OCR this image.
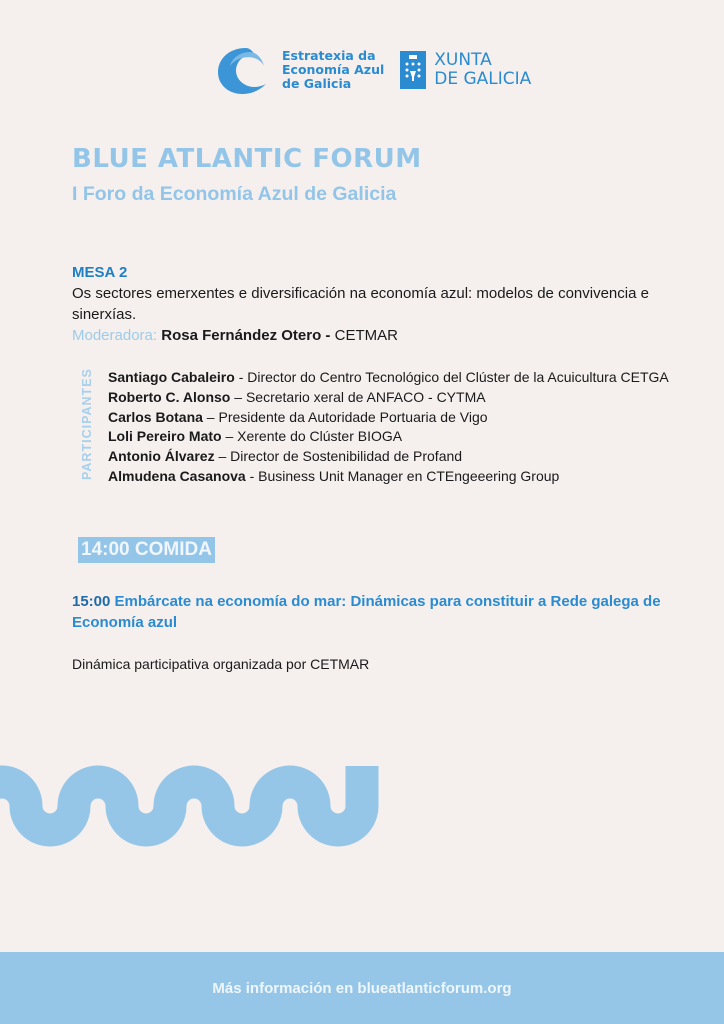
Estratexia da
Economía Azul
de Galicia
XUNTA
DE GALICIA
BLUE ATLANTIC FORUM
I Foro da Economía Azul de Galicia
MESA 2
Os sectores emerxentes e diversificación na economía azul: modelos de convivencia e sinerxías.
Moderadora: Rosa Fernández Otero - CETMAR
PARTICIPANTES Santiago Cabaleiro - Director do Centro Tecnológico del Clúster de la Acuicultura CETGA
Roberto C. Alonso – Secretario xeral de ANFACO - CYTMA
Carlos Botana – Presidente da Autoridade Portuaria de Vigo
Loli Pereiro Mato – Xerente do Clúster BIOGA
Antonio Álvarez – Director de Sostenibilidad de Profand
Almudena Casanova - Business Unit Manager en CTEngeeering Group
14:00 COMIDA
15:00 Embárcate na economía do mar: Dinámicas para constituir a Rede galega de Economía azul
Dinámica participativa organizada por CETMAR
Más información en blueatlanticforum.org
